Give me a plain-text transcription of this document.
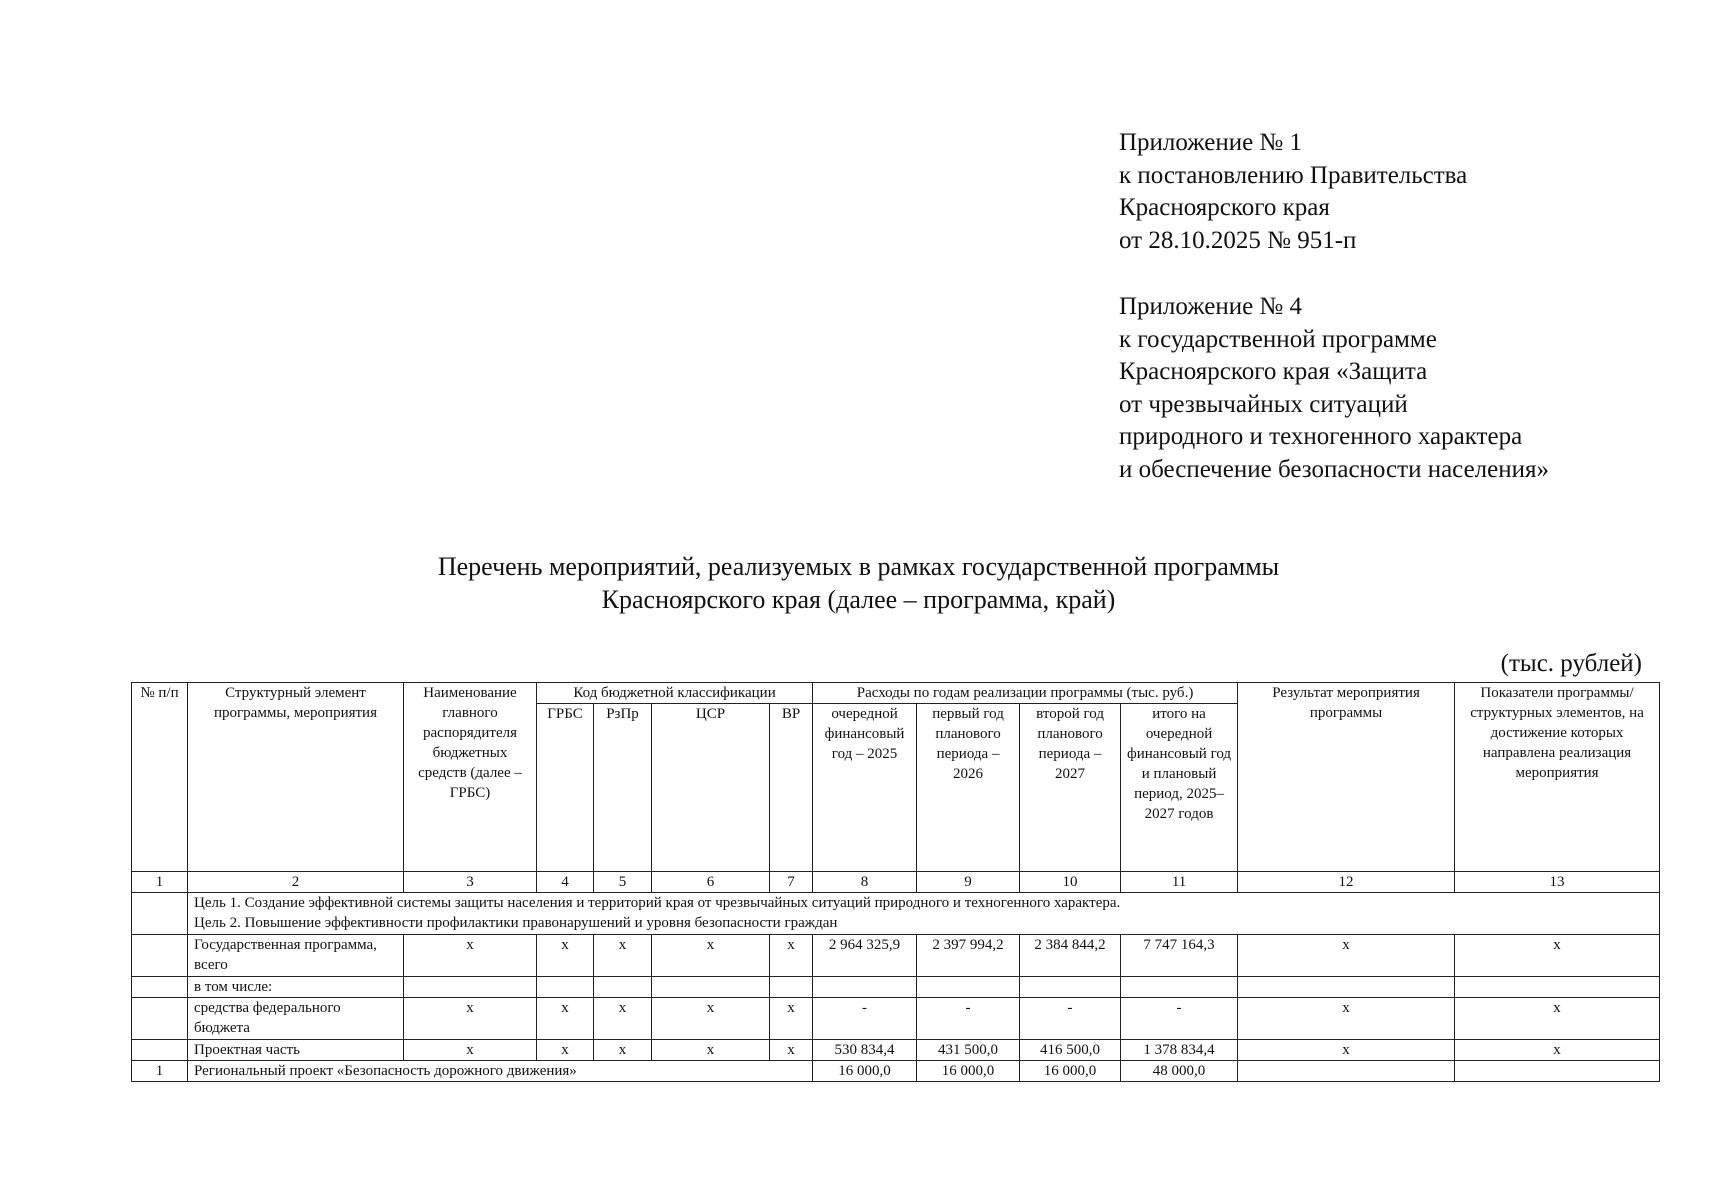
Приложение № 1
к постановлению Правительства
Красноярского края
от 28.10.2025 № 951-п
Приложение № 4
к государственной программе
Красноярского края «Защита
от чрезвычайных ситуаций
природного и техногенного характера
и обеспечение безопасности населения»
Перечень мероприятий, реализуемых в рамках государственной программы
Красноярского края (далее – программа, край)
(тыс. рублей)
№ п/п	Структурный элемент программы, мероприятия	Наименование главного распорядителя бюджетных средств (далее – ГРБС)	Код бюджетной классификации				Расходы по годам реализации программы (тыс. руб.)				Результат мероприятия программы	Показатели программы/ структурных элементов, на достижение которых направлена реализация мероприятия
			ГРБС	РзПр	ЦСР	ВР	очередной финансовый год – 2025	первый год планового периода – 2026	второй год планового периода – 2027	итого на очередной финансовый год и плановый период, 2025–2027 годов		
1	2	3	4	5	6	7	8	9	10	11	12	13

	Цель 1. Создание эффективной системы защиты населения и территорий края от чрезвычайных ситуаций природного и техногенного характера.
Цель 2. Повышение эффективности профилактики правонарушений и уровня безопасности граждан											

	Государственная программа, всего	х	х	х	х	х	2 964 325,9	2 397 994,2	2 384 844,2	7 747 164,3	х	х
	в том числе:											
	средства федерального бюджета	х	х	х	х	х	-	-	-	-	х	х
	Проектная часть	х	х	х	х	х	530 834,4	431 500,0	416 500,0	1 378 834,4	х	х
1	Региональный проект «Безопасность дорожного движения»						16 000,0	16 000,0	16 000,0	48 000,0		
